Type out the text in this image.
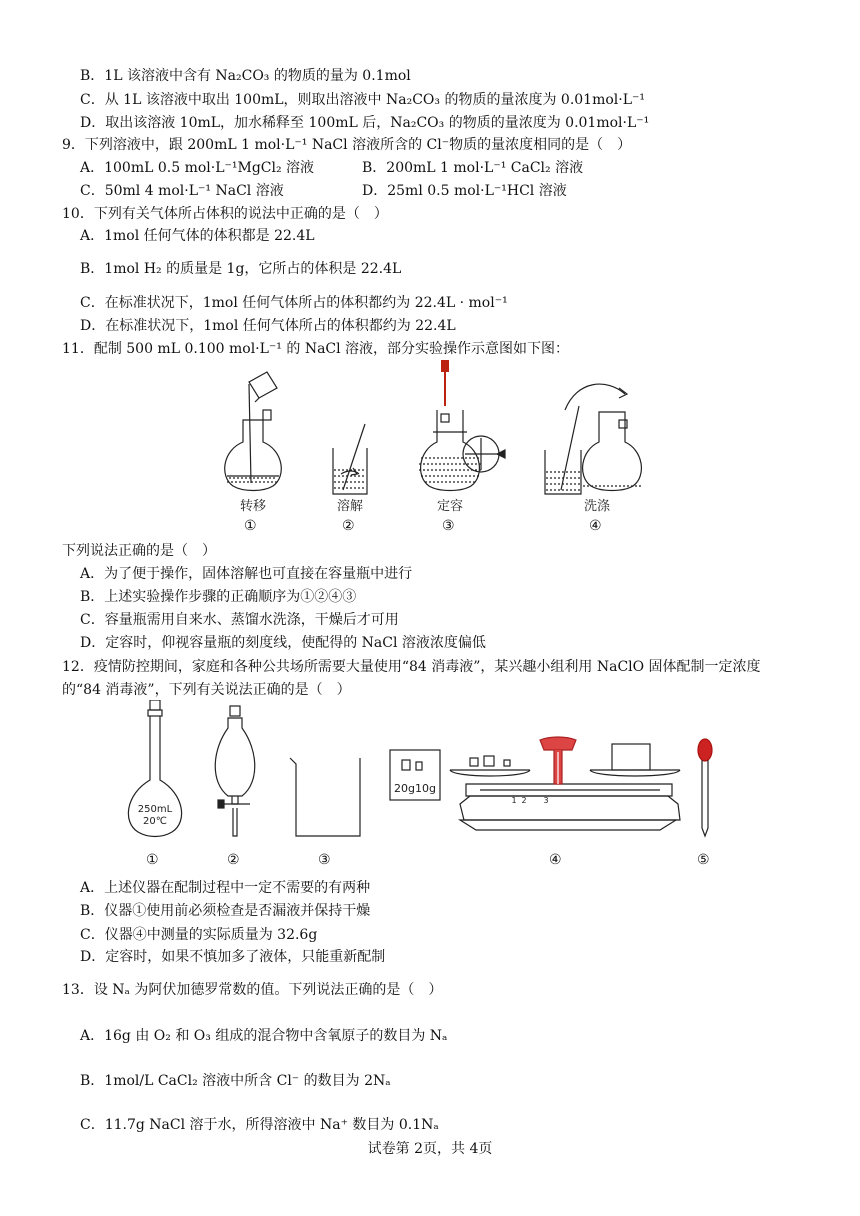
B．1L 该溶液中含有 Na₂CO₃ 的物质的量为 0.1mol
C．从 1L 该溶液中取出 100mL，则取出溶液中 Na₂CO₃ 的物质的量浓度为 0.01mol·L⁻¹
D．取出该溶液 10mL，加水稀释至 100mL 后，Na₂CO₃ 的物质的量浓度为 0.01mol·L⁻¹
9．下列溶液中，跟 200mL 1 mol·L⁻¹ NaCl 溶液所含的 Cl⁻物质的量浓度相同的是（　）
A．100mL 0.5 mol·L⁻¹MgCl₂ 溶液	B．200mL 1 mol·L⁻¹ CaCl₂ 溶液
C．50ml 4 mol·L⁻¹ NaCl 溶液	D．25ml 0.5 mol·L⁻¹HCl 溶液
10．下列有关气体所占体积的说法中正确的是（　）
A．1mol 任何气体的体积都是 22.4L
B．1mol H₂ 的质量是 1g，它所占的体积是 22.4L
C．在标准状况下，1mol 任何气体所占的体积都约为 22.4L · mol⁻¹
D．在标准状况下，1mol 任何气体所占的体积都约为 22.4L
11．配制 500 mL 0.100 mol·L⁻¹ 的 NaCl 溶液，部分实验操作示意图如下图：
转移	溶解	定容	洗涤
①	②	③	④
下列说法正确的是（　）
A．为了便于操作，固体溶解也可直接在容量瓶中进行
B．上述实验操作步骤的正确顺序为①②④③
C．容量瓶需用自来水、蒸馏水洗涤，干燥后才可用
D．定容时，仰视容量瓶的刻度线，使配得的 NaCl 溶液浓度偏低
12．疫情防控期间，家庭和各种公共场所需要大量使用“84 消毒液”，某兴趣小组利用 NaClO 固体配制一定浓度
的“84 消毒液”，下列有关说法正确的是（　）
250mL
20℃
20g10g
1 2 3
①	②	③	④	⑤
A．上述仪器在配制过程中一定不需要的有两种
B．仪器①使用前必须检查是否漏液并保持干燥
C．仪器④中测量的实际质量为 32.6g
D．定容时，如果不慎加多了液体，只能重新配制
13．设 Nₐ 为阿伏加德罗常数的值。下列说法正确的是（　）
A．16g 由 O₂ 和 O₃ 组成的混合物中含氧原子的数目为 Nₐ
B．1mol/L CaCl₂ 溶液中所含 Cl⁻ 的数目为 2Nₐ
C．11.7g NaCl 溶于水，所得溶液中 Na⁺ 数目为 0.1Nₐ
试卷第 2页，共 4页
